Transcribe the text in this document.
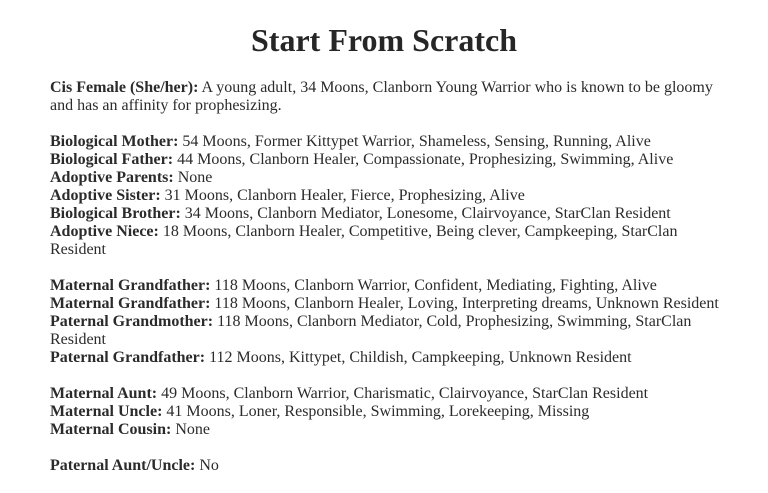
Start From Scratch

Cis Female (She/her): A young adult, 34 Moons, Clanborn Young Warrior who is known to be gloomy and has an affinity for prophesizing.

Biological Mother: 54 Moons, Former Kittypet Warrior, Shameless, Sensing, Running, Alive
Biological Father: 44 Moons, Clanborn Healer, Compassionate, Prophesizing, Swimming, Alive
Adoptive Parents: None
Adoptive Sister: 31 Moons, Clanborn Healer, Fierce, Prophesizing, Alive
Biological Brother: 34 Moons, Clanborn Mediator, Lonesome, Clairvoyance, StarClan Resident
Adoptive Niece: 18 Moons, Clanborn Healer, Competitive, Being clever, Campkeeping, StarClan Resident

Maternal Grandfather: 118 Moons, Clanborn Warrior, Confident, Mediating, Fighting, Alive
Maternal Grandfather: 118 Moons, Clanborn Healer, Loving, Interpreting dreams, Unknown Resident
Paternal Grandmother: 118 Moons, Clanborn Mediator, Cold, Prophesizing, Swimming, StarClan Resident
Paternal Grandfather: 112 Moons, Kittypet, Childish, Campkeeping, Unknown Resident

Maternal Aunt: 49 Moons, Clanborn Warrior, Charismatic, Clairvoyance, StarClan Resident
Maternal Uncle: 41 Moons, Loner, Responsible, Swimming, Lorekeeping, Missing
Maternal Cousin: None

Paternal Aunt/Uncle: No
